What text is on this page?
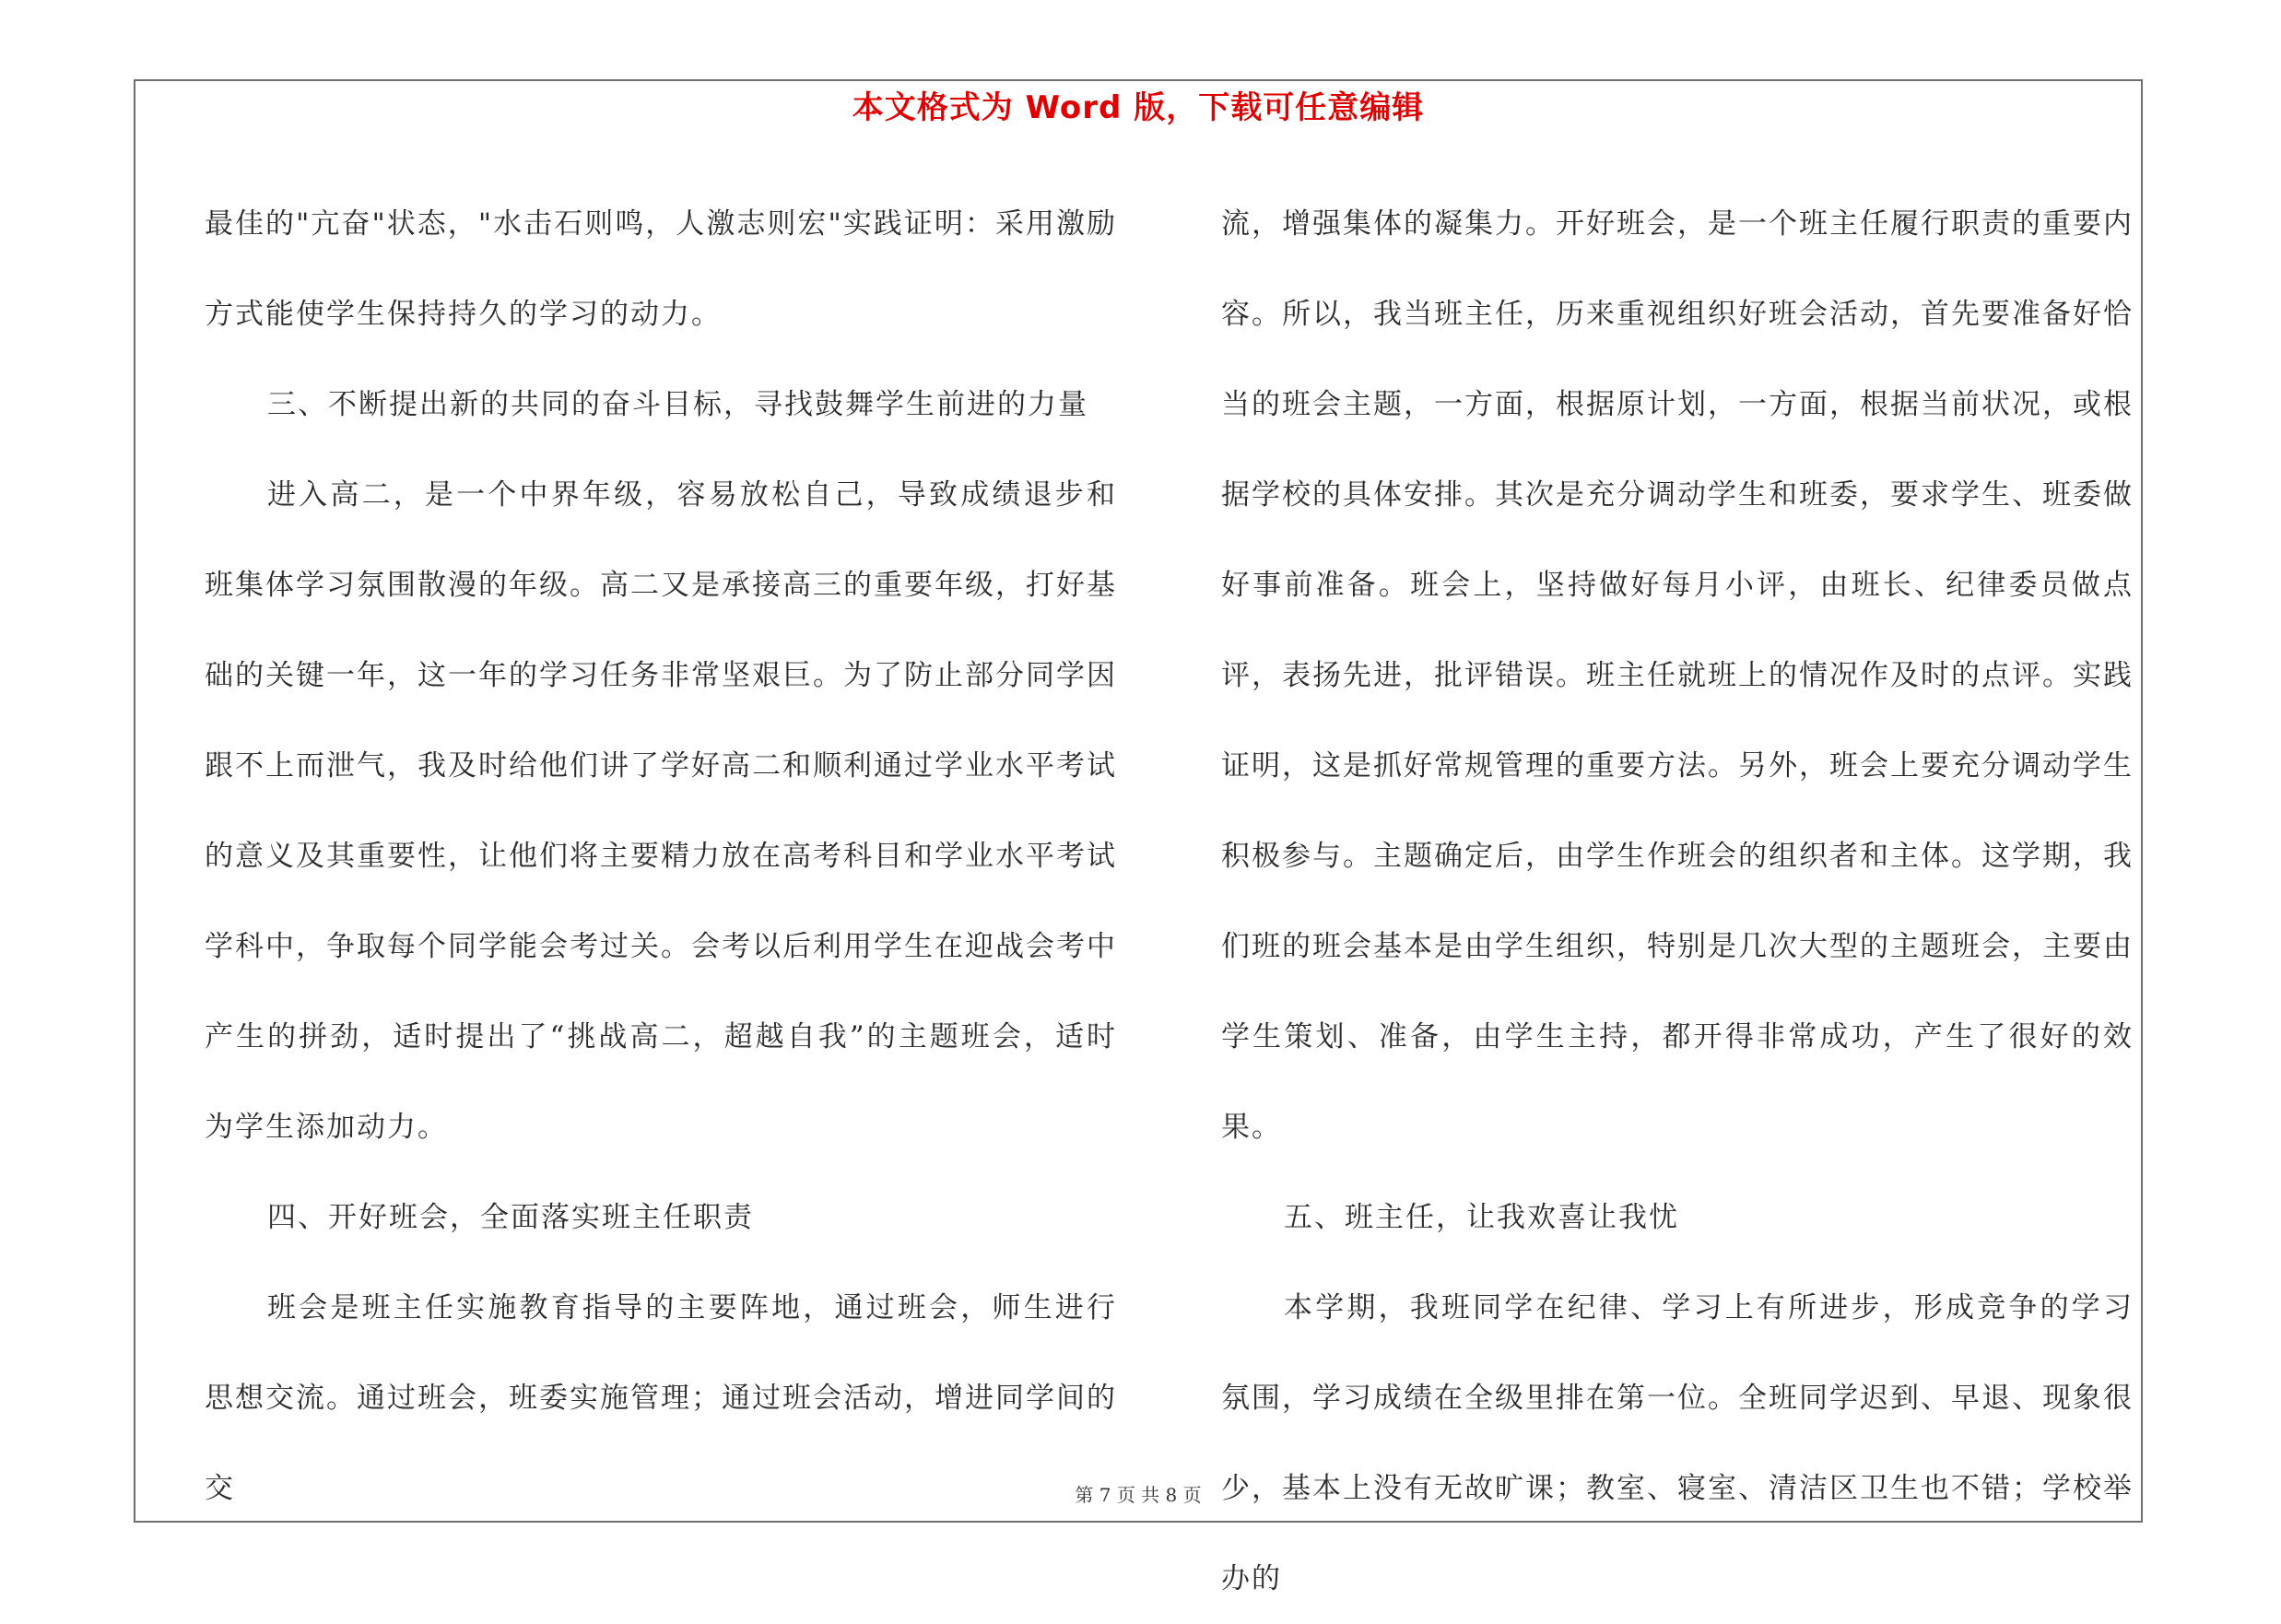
本文格式为 Word 版，下载可任意编辑

最佳的"亢奋"状态，"水击石则鸣，人激志则宏"实践证明：采用激励方式能使学生保持持久的学习的动力。

三、不断提出新的共同的奋斗目标，寻找鼓舞学生前进的力量

进入高二，是一个中界年级，容易放松自己，导致成绩退步和班集体学习氛围散漫的年级。高二又是承接高三的重要年级，打好基础的关键一年，这一年的学习任务非常坚艰巨。为了防止部分同学因跟不上而泄气，我及时给他们讲了学好高二和顺利通过学业水平考试的意义及其重要性，让他们将主要精力放在高考科目和学业水平考试学科中，争取每个同学能会考过关。会考以后利用学生在迎战会考中产生的拼劲，适时提出了“挑战高二，超越自我”的主题班会，适时为学生添加动力。

四、开好班会，全面落实班主任职责

班会是班主任实施教育指导的主要阵地，通过班会，师生进行思想交流。通过班会，班委实施管理；通过班会活动，增进同学间的交

流，增强集体的凝集力。开好班会，是一个班主任履行职责的重要内容。所以，我当班主任，历来重视组织好班会活动，首先要准备好恰当的班会主题，一方面，根据原计划，一方面，根据当前状况，或根据学校的具体安排。其次是充分调动学生和班委，要求学生、班委做好事前准备。班会上，坚持做好每月小评，由班长、纪律委员做点评，表扬先进，批评错误。班主任就班上的情况作及时的点评。实践证明，这是抓好常规管理的重要方法。另外，班会上要充分调动学生积极参与。主题确定后，由学生作班会的组织者和主体。这学期，我们班的班会基本是由学生组织，特别是几次大型的主题班会，主要由学生策划、准备，由学生主持，都开得非常成功，产生了很好的效果。

五、班主任，让我欢喜让我忧

本学期，我班同学在纪律、学习上有所进步，形成竞争的学习氛围，学习成绩在全级里排在第一位。全班同学迟到、早退、现象很少，基本上没有无故旷课；教室、寝室、清洁区卫生也不错；学校举办的

第 7 页 共 8 页
